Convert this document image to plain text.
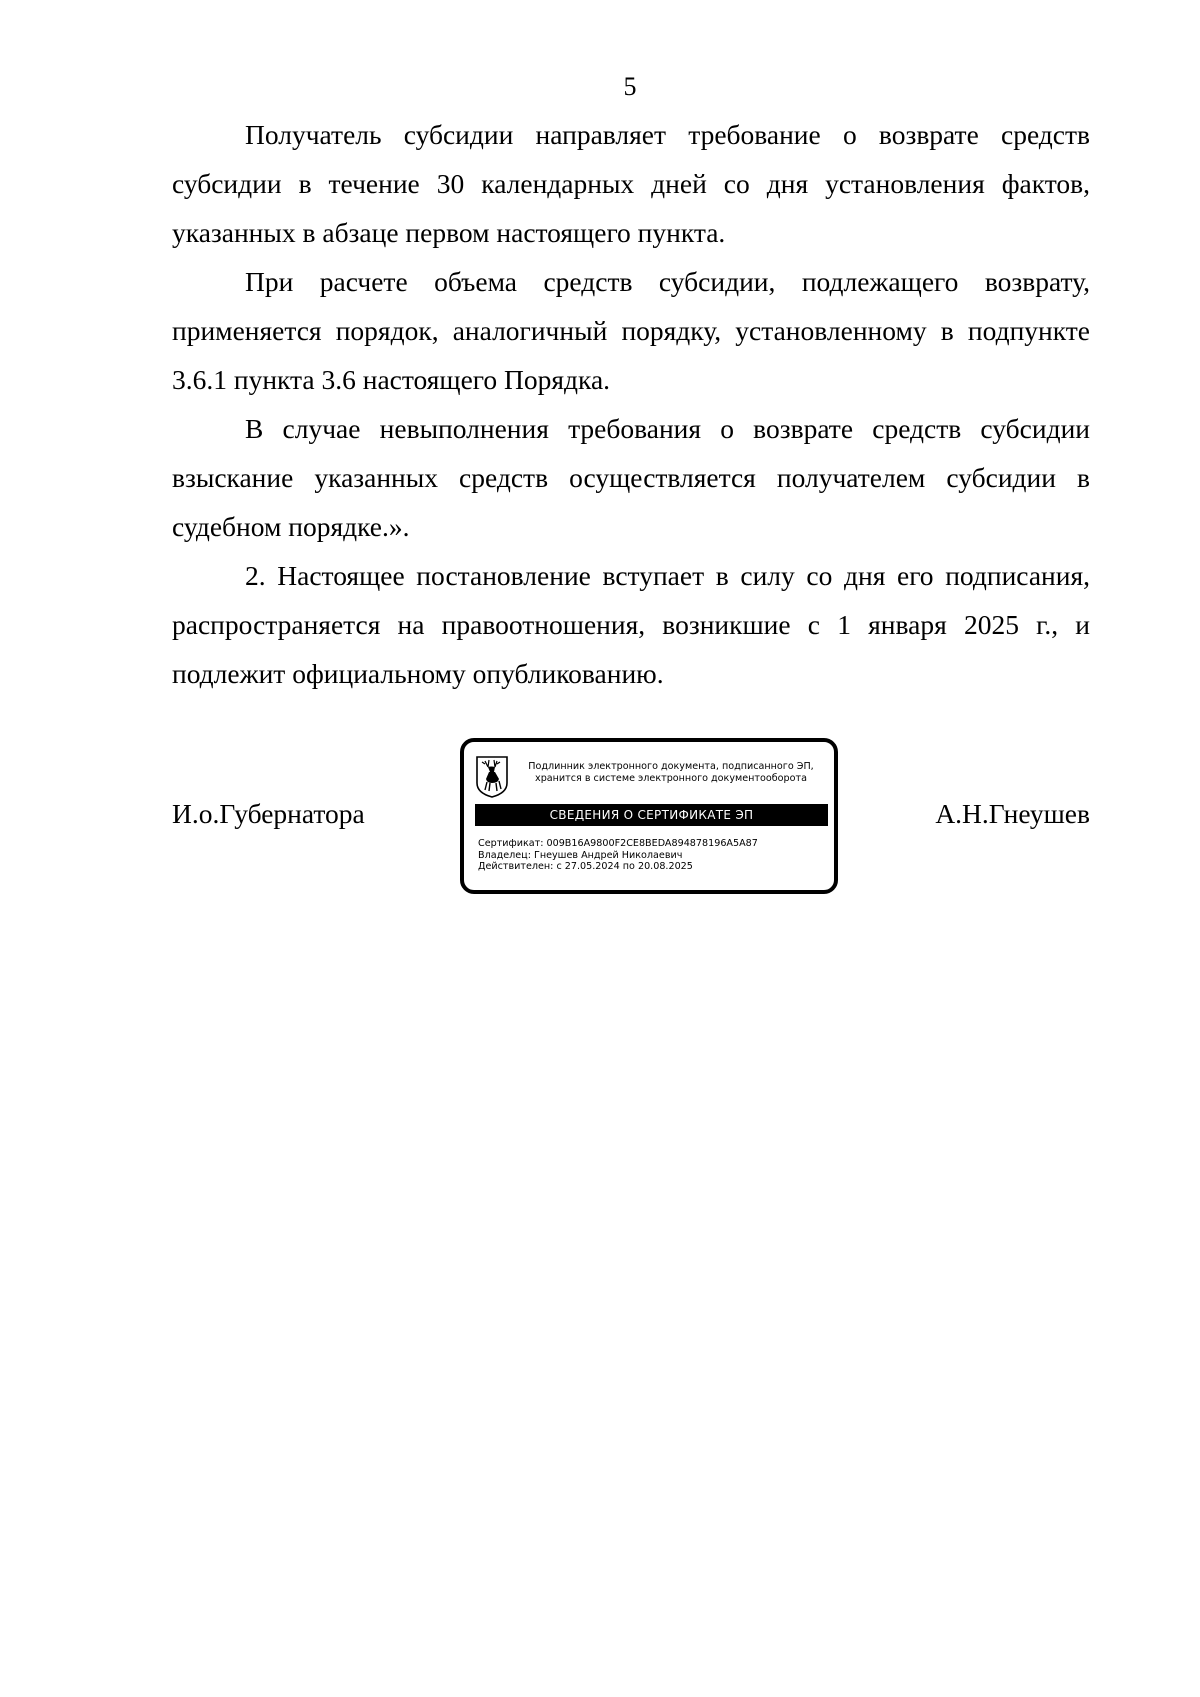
5

Получатель субсидии направляет требование о возврате средств субсидии в течение 30 календарных дней со дня установления фактов, указанных в абзаце первом настоящего пункта.

При расчете объема средств субсидии, подлежащего возврату, применяется порядок, аналогичный порядку, установленному в подпункте 3.6.1 пункта 3.6 настоящего Порядка.

В случае невыполнения требования о возврате средств субсидии взыскание указанных средств осуществляется получателем субсидии в судебном порядке.».

2. Настоящее постановление вступает в силу со дня его подписания, распространяется на правоотношения, возникшие с 1 января 2025 г., и подлежит официальному опубликованию.

И.о.Губернатора
Подлинник электронного документа, подписанного ЭП,
хранится в системе электронного документооборота
СВЕДЕНИЯ О СЕРТИФИКАТЕ ЭП
Сертификат: 009B16A9800F2CE8BEDA894878196A5A87
Владелец: Гнеушев Андрей Николаевич
Действителен: с 27.05.2024 по 20.08.2025
А.Н.Гнеушев
